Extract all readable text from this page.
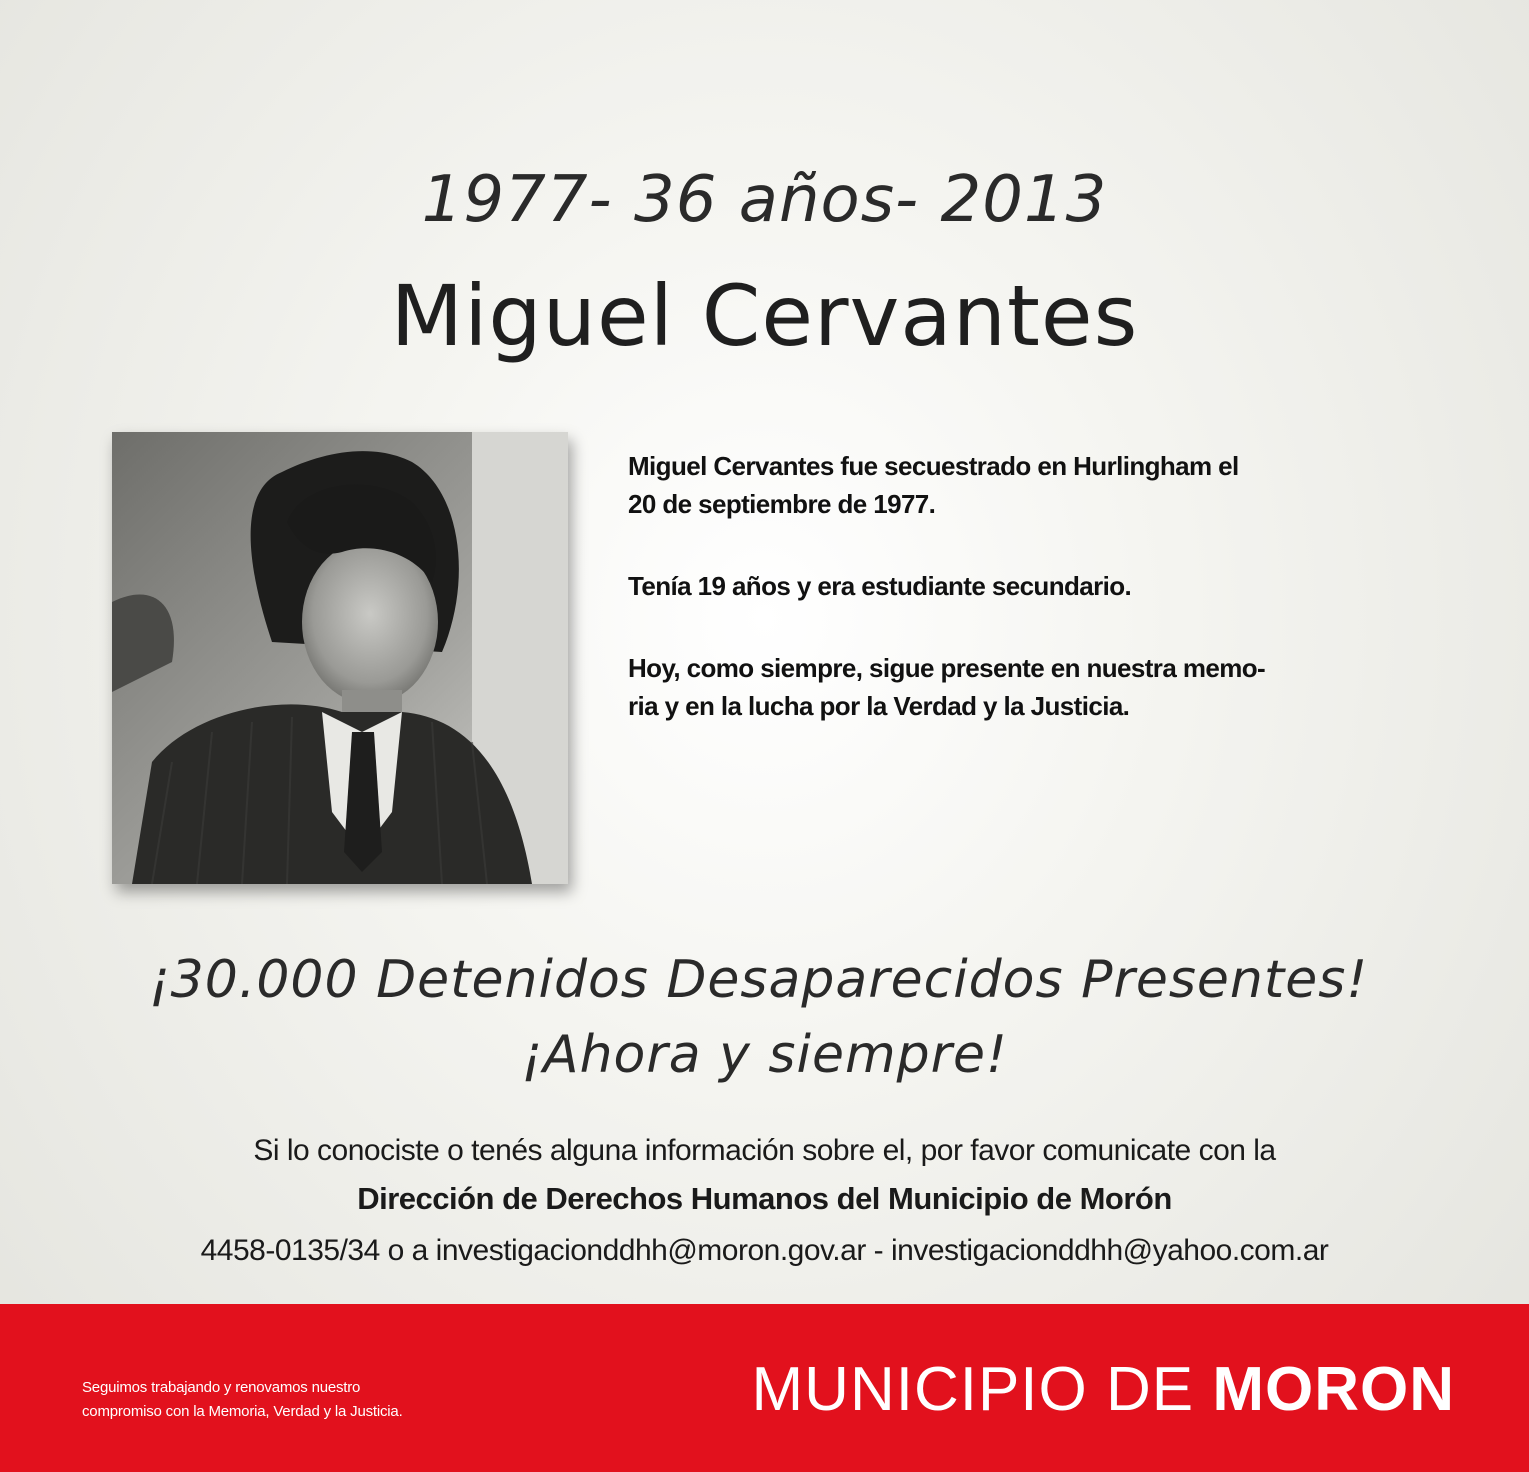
1977- 36 años- 2013
Miguel Cervantes

Miguel Cervantes fue secuestrado en Hurlingham el

20 de septiembre de 1977.

Tenía 19 años y era estudiante secundario.

Hoy, como siempre, sigue presente en nuestra memo-

ria y en la lucha por la Verdad y la Justicia.

¡30.000 Detenidos Desaparecidos Presentes!
¡Ahora y siempre!
Si lo conociste o tenés alguna información sobre el, por favor comunicate con la
Dirección de Derechos Humanos del Municipio de Morón
4458-0135/34 o a investigacionddhh@moron.gov.ar - investigacionddhh@yahoo.com.ar
Seguimos trabajando y renovamos nuestro
compromiso con la Memoria, Verdad y la Justicia.	MUNICIPIO DE MORON
